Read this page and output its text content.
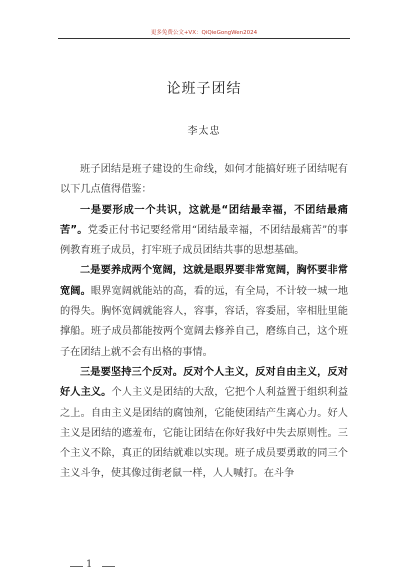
更多免费公文+VX：QiQieGongWen2024
论班子团结
李太忠

班子团结是班子建设的生命线，如何才能搞好班子团结呢有以下几点值得借鉴：

一是要形成一个共识，这就是“团结最幸福，不团结最痛苦”。党委正付书记要经常用“团结最幸福，不团结最痛苦”的事例教育班子成员，打牢班子成员团结共事的思想基础。

二是要养成两个宽阔，这就是眼界要非常宽阔，胸怀要非常宽阔。眼界宽阔就能站的高，看的远，有全局，不计较一城一地的得失。胸怀宽阔就能容人，容事，容话，容委屈，宰相肚里能撑船。班子成员都能按两个宽阔去修养自己，磨练自己，这个班子在团结上就不会有出格的事情。

三是要坚持三个反对。反对个人主义，反对自由主义，反对好人主义。个人主义是团结的大敌，它把个人利益置于组织利益之上。自由主义是团结的腐蚀剂，它能使团结产生离心力。好人主义是团结的遮羞布，它能让团结在你好我好中失去原则性。三个主义不除，真正的团结就难以实现。班子成员要勇敢的同三个主义斗争，使其像过街老鼠一样，人人喊打。在斗争

1
